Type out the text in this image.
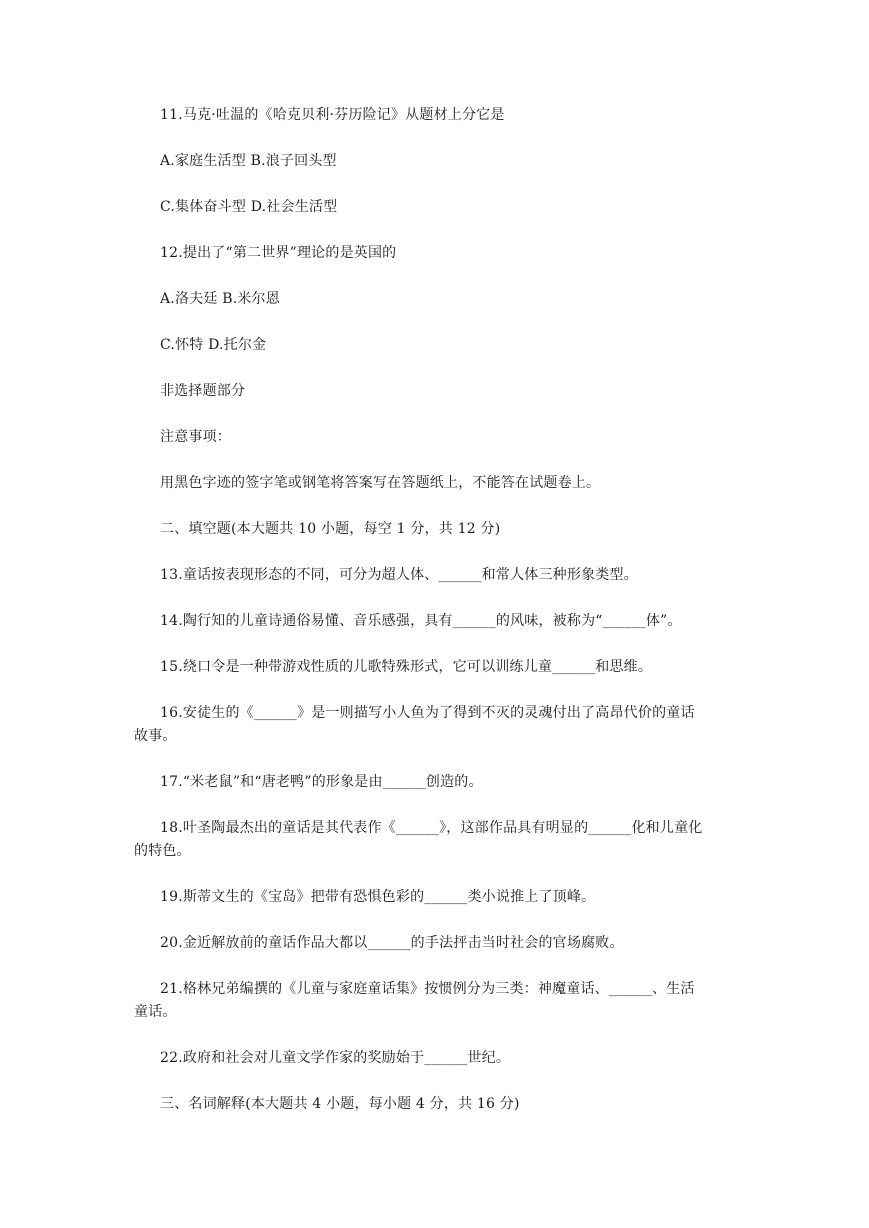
11.马克·吐温的《哈克贝利·芬历险记》从题材上分它是

A.家庭生活型 B.浪子回头型

C.集体奋斗型 D.社会生活型

12.提出了“第二世界”理论的是英国的

A.洛夫廷 B.米尔恩

C.怀特 D.托尔金

非选择题部分

注意事项：

用黑色字迹的签字笔或钢笔将答案写在答题纸上，不能答在试题卷上。

二、填空题(本大题共 10 小题，每空 1 分，共 12 分)

13.童话按表现形态的不同，可分为超人体、______和常人体三种形象类型。

14.陶行知的儿童诗通俗易懂、音乐感强，具有______的风味，被称为“______体”。

15.绕口令是一种带游戏性质的儿歌特殊形式，它可以训练儿童______和思维。

16.安徒生的《______》是一则描写小人鱼为了得到不灭的灵魂付出了高昂代价的童话

故事。

17.“米老鼠”和“唐老鸭”的形象是由______创造的。

18.叶圣陶最杰出的童话是其代表作《______》，这部作品具有明显的______化和儿童化

的特色。

19.斯蒂文生的《宝岛》把带有恐惧色彩的______类小说推上了顶峰。

20.金近解放前的童话作品大都以______的手法抨击当时社会的官场腐败。

21.格林兄弟编撰的《儿童与家庭童话集》按惯例分为三类：神魔童话、______、生活

童话。

22.政府和社会对儿童文学作家的奖励始于______世纪。

三、名词解释(本大题共 4 小题，每小题 4 分，共 16 分)
